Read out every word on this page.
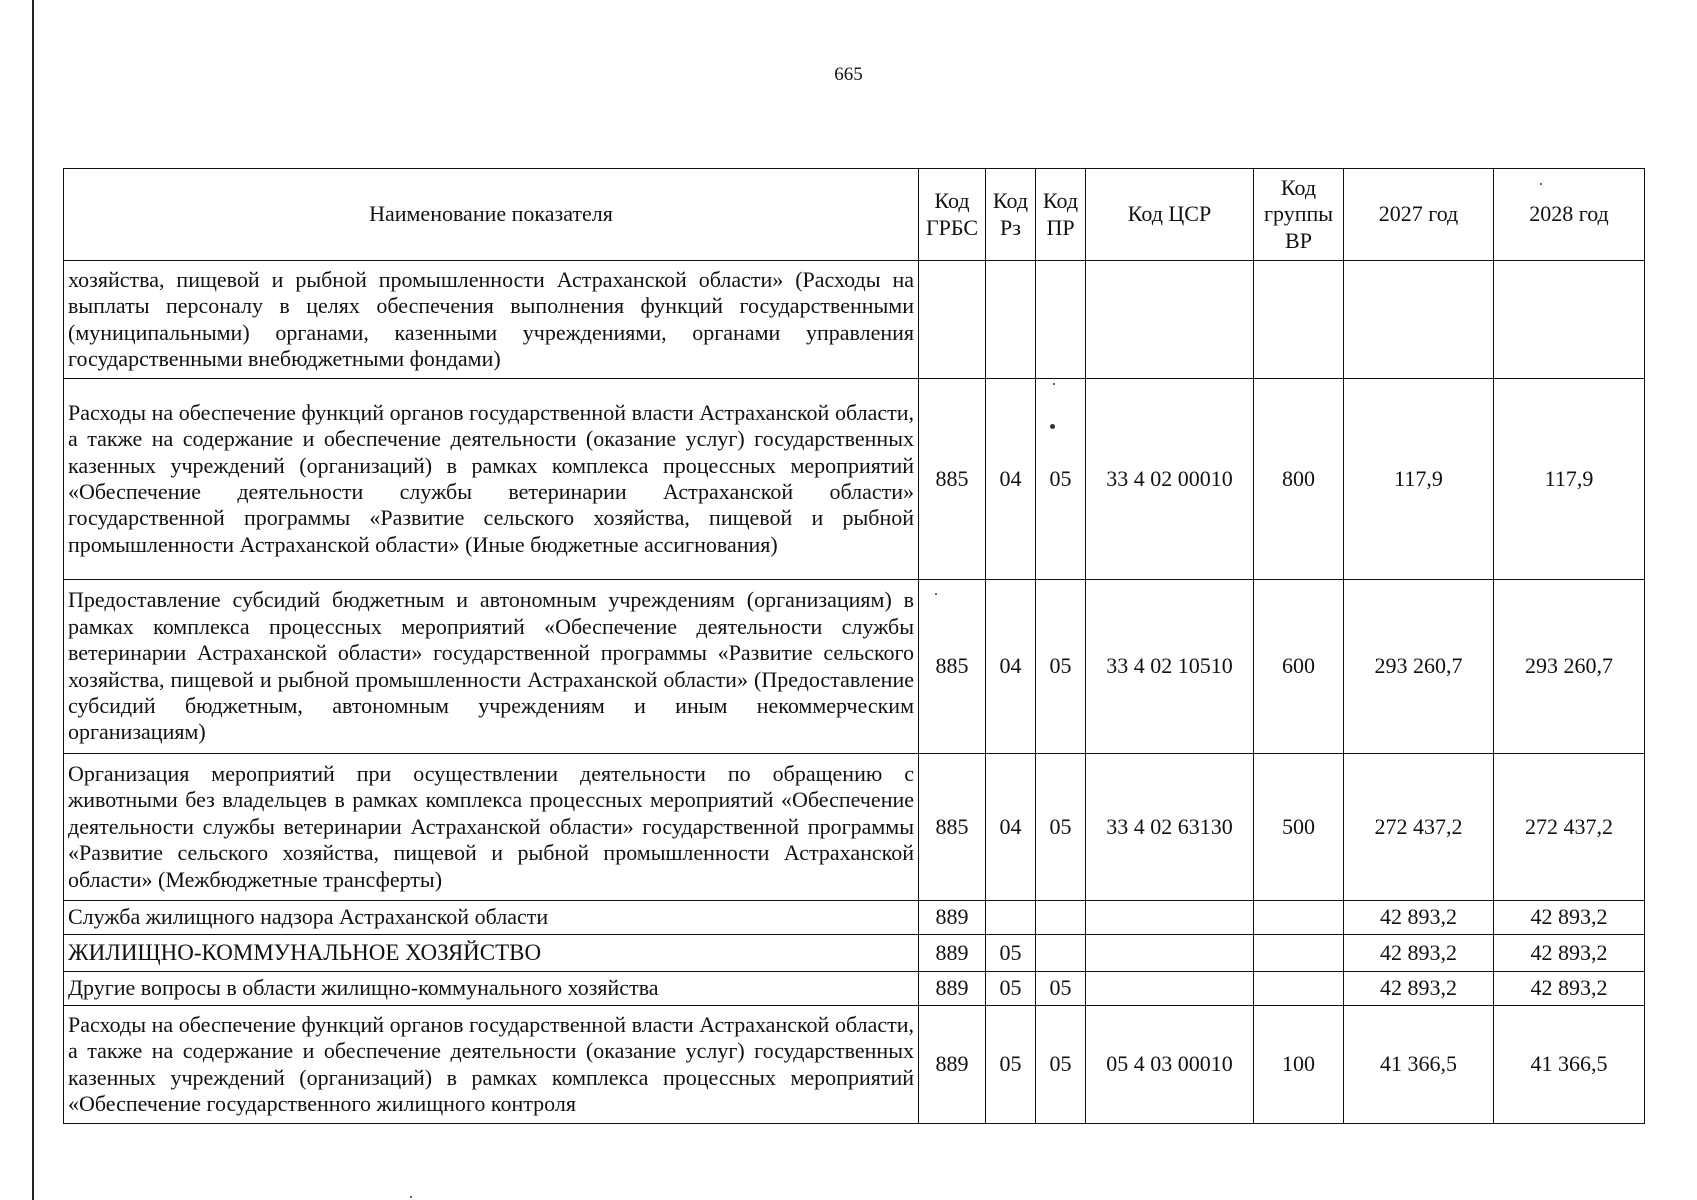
665
Наименование показателя	Код ГРБС	Код Рз	Код ПР	Код ЦСР	Код группы ВР	2027 год	2028 год
хозяйства, пищевой и рыбной промышленности Астраханской области» (Расходы на выплаты персоналу в целях обеспечения выполнения функций государственными (муниципальными) органами, казенными учреждениями, органами управления государственными внебюджетными фондами)							
Расходы на обеспечение функций органов государственной власти Астраханской области, а также на содержание и обеспечение деятельности (оказание услуг) государственных казенных учреждений (организаций) в рамках комплекса процессных мероприятий «Обеспечение деятельности службы ветеринарии Астраханской области» государственной программы «Развитие сельского хозяйства, пищевой и рыбной промышленности Астраханской области» (Иные бюджетные ассигнования)	885	04	05	33 4 02 00010	800	117,9	117,9
Предоставление субсидий бюджетным и автономным учреждениям (организациям) в рамках комплекса процессных мероприятий «Обеспечение деятельности службы ветеринарии Астраханской области» государственной программы «Развитие сельского хозяйства, пищевой и рыбной промышленности Астраханской области» (Предоставление субсидий бюджетным, автономным учреждениям и иным некоммерческим организациям)	885	04	05	33 4 02 10510	600	293 260,7	293 260,7
Организация мероприятий при осуществлении деятельности по обращению с животными без владельцев в рамках комплекса процессных мероприятий «Обеспечение деятельности службы ветеринарии Астраханской области» государственной программы «Развитие сельского хозяйства, пищевой и рыбной промышленности Астраханской области» (Межбюджетные трансферты)	885	04	05	33 4 02 63130	500	272 437,2	272 437,2
Служба жилищного надзора Астраханской области	889					42 893,2	42 893,2
ЖИЛИЩНО-КОММУНАЛЬНОЕ ХОЗЯЙСТВО	889	05				42 893,2	42 893,2
Другие вопросы в области жилищно-коммунального хозяйства	889	05	05			42 893,2	42 893,2
Расходы на обеспечение функций органов государственной власти Астраханской области, а также на содержание и обеспечение деятельности (оказание услуг) государственных казенных учреждений (организаций) в рамках комплекса процессных мероприятий «Обеспечение государственного жилищного контроля	889	05	05	05 4 03 00010	100	41 366,5	41 366,5
